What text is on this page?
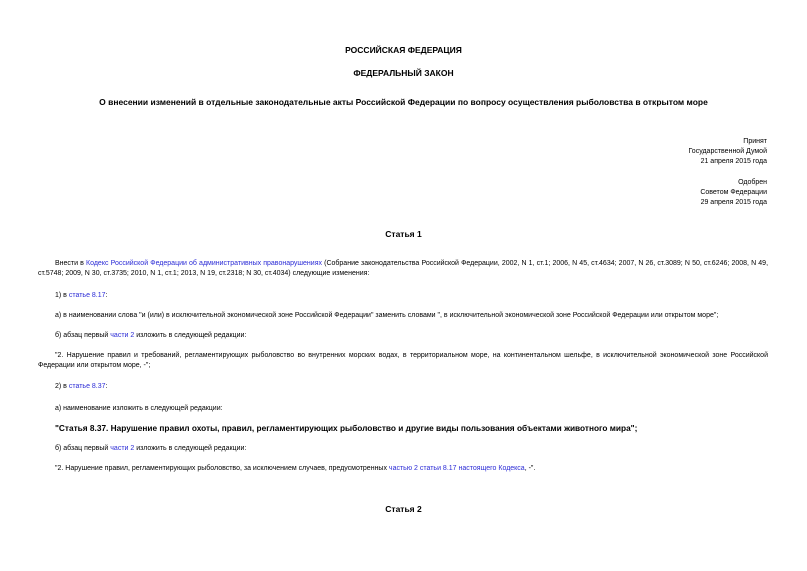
РОССИЙСКАЯ ФЕДЕРАЦИЯ
ФЕДЕРАЛЬНЫЙ ЗАКОН
О внесении изменений в отдельные законодательные акты Российской Федерации по вопросу осуществления рыболовства в открытом море
Принят
Государственной Думой
21 апреля 2015 года
Одобрен
Советом Федерации
29 апреля 2015 года
Статья 1
Внести в Кодекс Российской Федерации об административных правонарушениях (Собрание законодательства Российской Федерации, 2002, N 1, ст.1; 2006, N 45, ст.4634; 2007, N 26, ст.3089; N 50, ст.6246; 2008, N 49, ст.5748; 2009, N 30, ст.3735; 2010, N 1, ст.1; 2013, N 19, ст.2318; N 30, ст.4034) следующие изменения:
1) в статье 8.17:
а) в наименовании слова "и (или) в исключительной экономической зоне Российской Федерации" заменить словами ", в исключительной экономической зоне Российской Федерации или открытом море";
б) абзац первый части 2 изложить в следующей редакции:
"2. Нарушение правил и требований, регламентирующих рыболовство во внутренних морских водах, в территориальном море, на континентальном шельфе, в исключительной экономической зоне Российской Федерации или открытом море, -";
2) в статье 8.37:
а) наименование изложить в следующей редакции:
"Статья 8.37. Нарушение правил охоты, правил, регламентирующих рыболовство и другие виды пользования объектами животного мира";
б) абзац первый части 2 изложить в следующей редакции:
"2. Нарушение правил, регламентирующих рыболовство, за исключением случаев, предусмотренных частью 2 статьи 8.17 настоящего Кодекса, -".
Статья 2
